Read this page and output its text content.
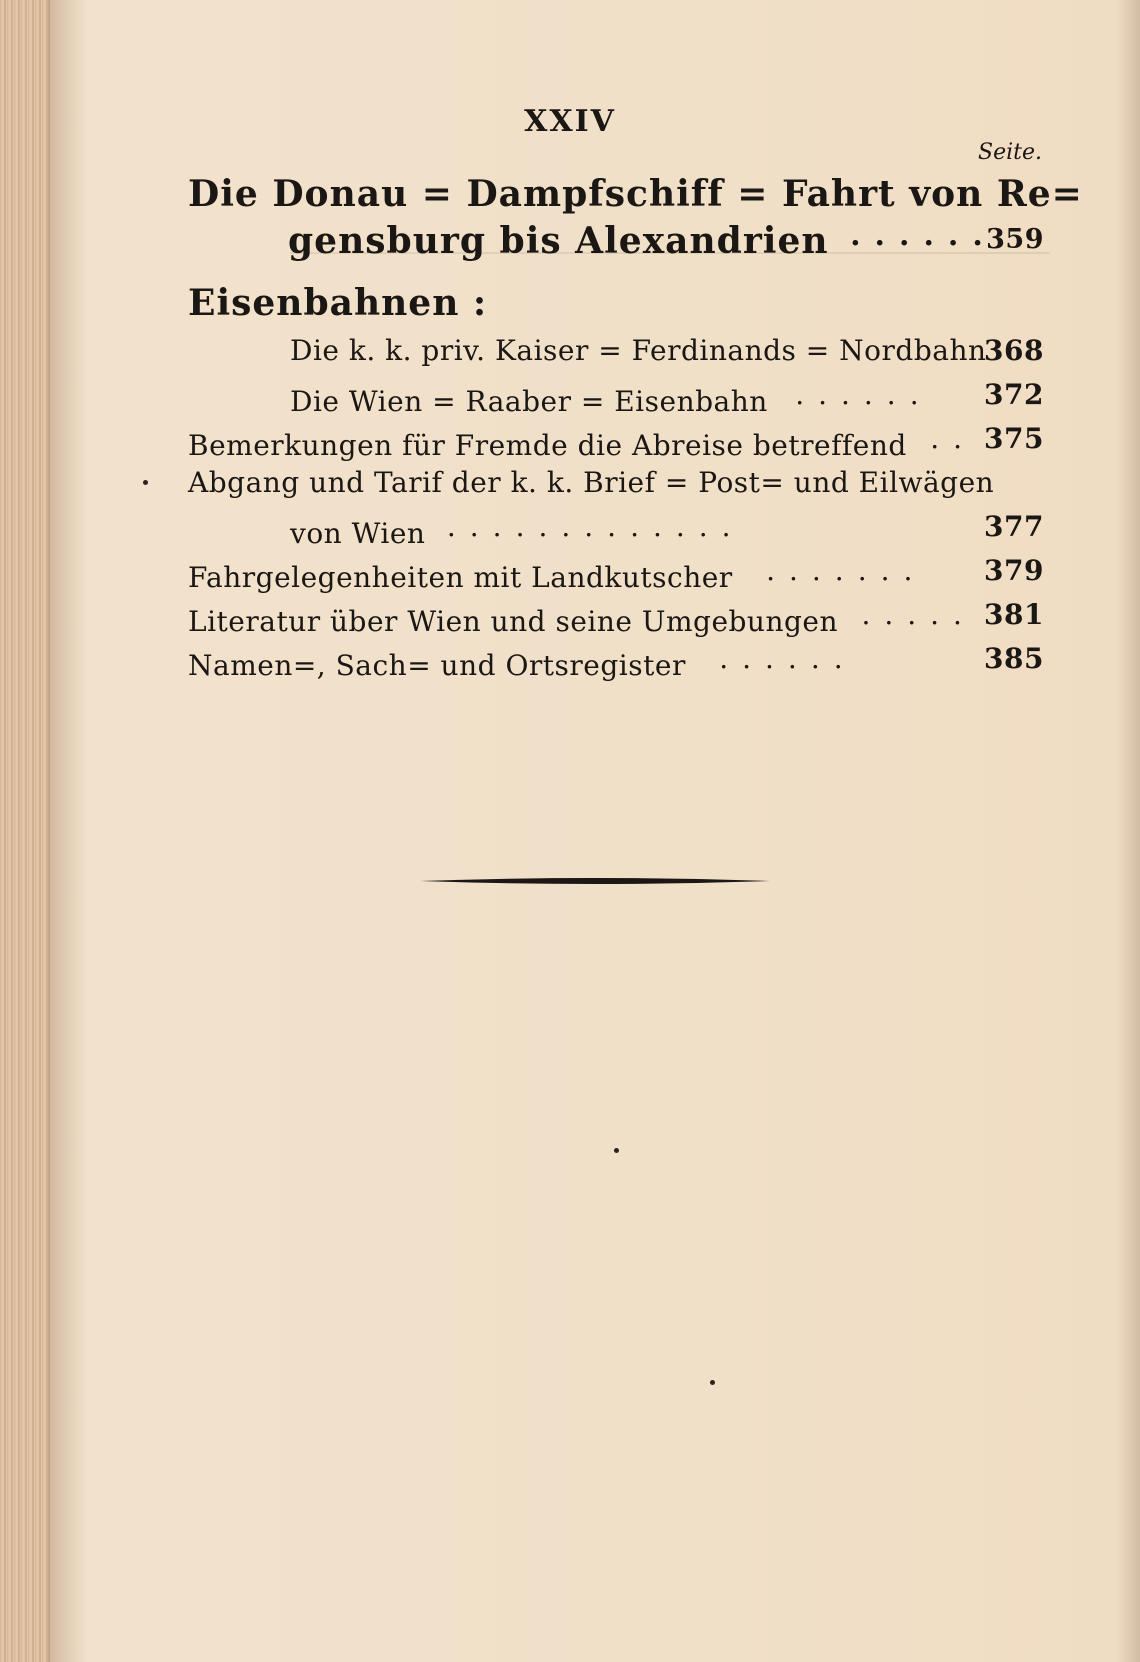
XXIV
Seite.
Die Donau = Dampfschiff = Fahrt von Re=
gensburg bis Alexandrien ......
359
Eisenbahnen :
Die k. k. priv. Kaiser = Ferdinands = Nordbahn
368
Die Wien = Raaber = Eisenbahn ...... 372
Bemerkungen für Fremde die Abreise betreffend .. 375
Abgang und Tarif der k. k. Brief = Post= und Eilwägen
von Wien .............	377
Fahrgelegenheiten mit Landkutscher ....... 379
Literatur über Wien und seine Umgebungen ..... 381
Namen=, Sach= und Ortsregister ......	385
